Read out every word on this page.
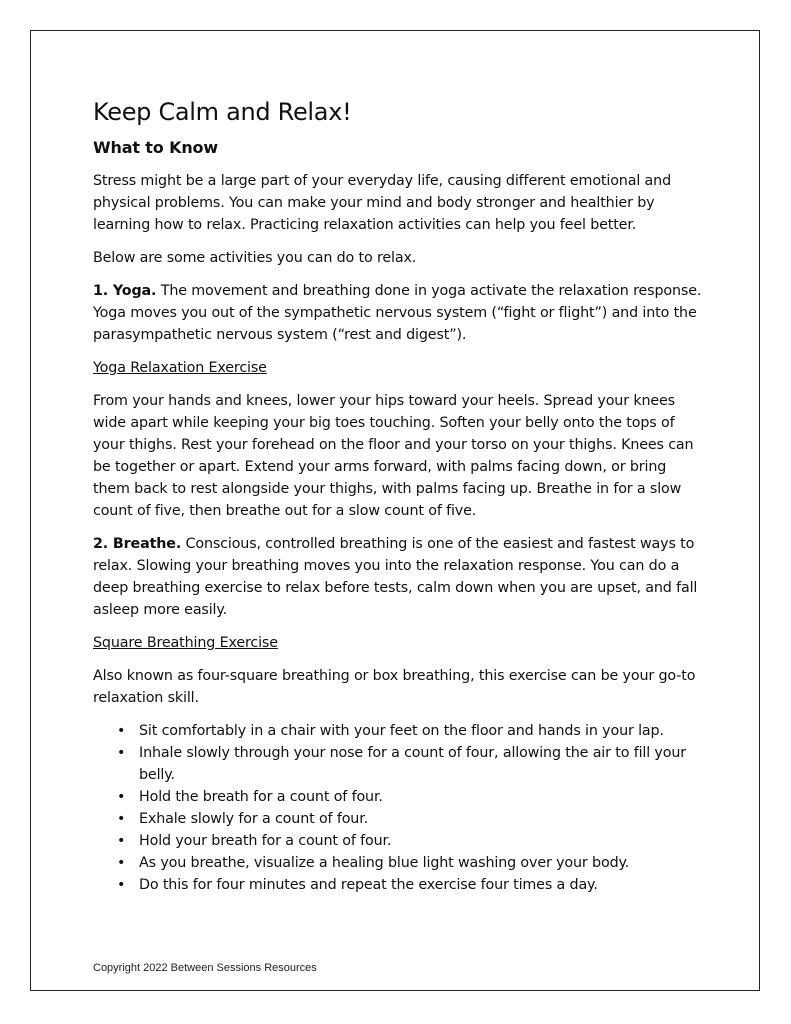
Keep Calm and Relax!
What to Know

Stress might be a large part of your everyday life, causing different emotional and physical problems. You can make your mind and body stronger and healthier by learning how to relax. Practicing relaxation activities can help you feel better.

Below are some activities you can do to relax.

1. Yoga. The movement and breathing done in yoga activate the relaxation response. Yoga moves you out of the sympathetic nervous system (“fight or flight”) and into the parasympathetic nervous system (“rest and digest”).

Yoga Relaxation Exercise

From your hands and knees, lower your hips toward your heels. Spread your knees wide apart while keeping your big toes touching. Soften your belly onto the tops of your thighs. Rest your forehead on the floor and your torso on your thighs. Knees can be together or apart. Extend your arms forward, with palms facing down, or bring them back to rest alongside your thighs, with palms facing up. Breathe in for a slow count of five, then breathe out for a slow count of five.

2. Breathe. Conscious, controlled breathing is one of the easiest and fastest ways to relax. Slowing your breathing moves you into the relaxation response. You can do a deep breathing exercise to relax before tests, calm down when you are upset, and fall asleep more easily.

Square Breathing Exercise

Also known as four-square breathing or box breathing, this exercise can be your go-to relaxation skill.

• Sit comfortably in a chair with your feet on the floor and hands in your lap.
• Inhale slowly through your nose for a count of four, allowing the air to fill your belly.
• Hold the breath for a count of four.
• Exhale slowly for a count of four.
• Hold your breath for a count of four.
• As you breathe, visualize a healing blue light washing over your body.
• Do this for four minutes and repeat the exercise four times a day.
Copyright 2022 Between Sessions Resources
